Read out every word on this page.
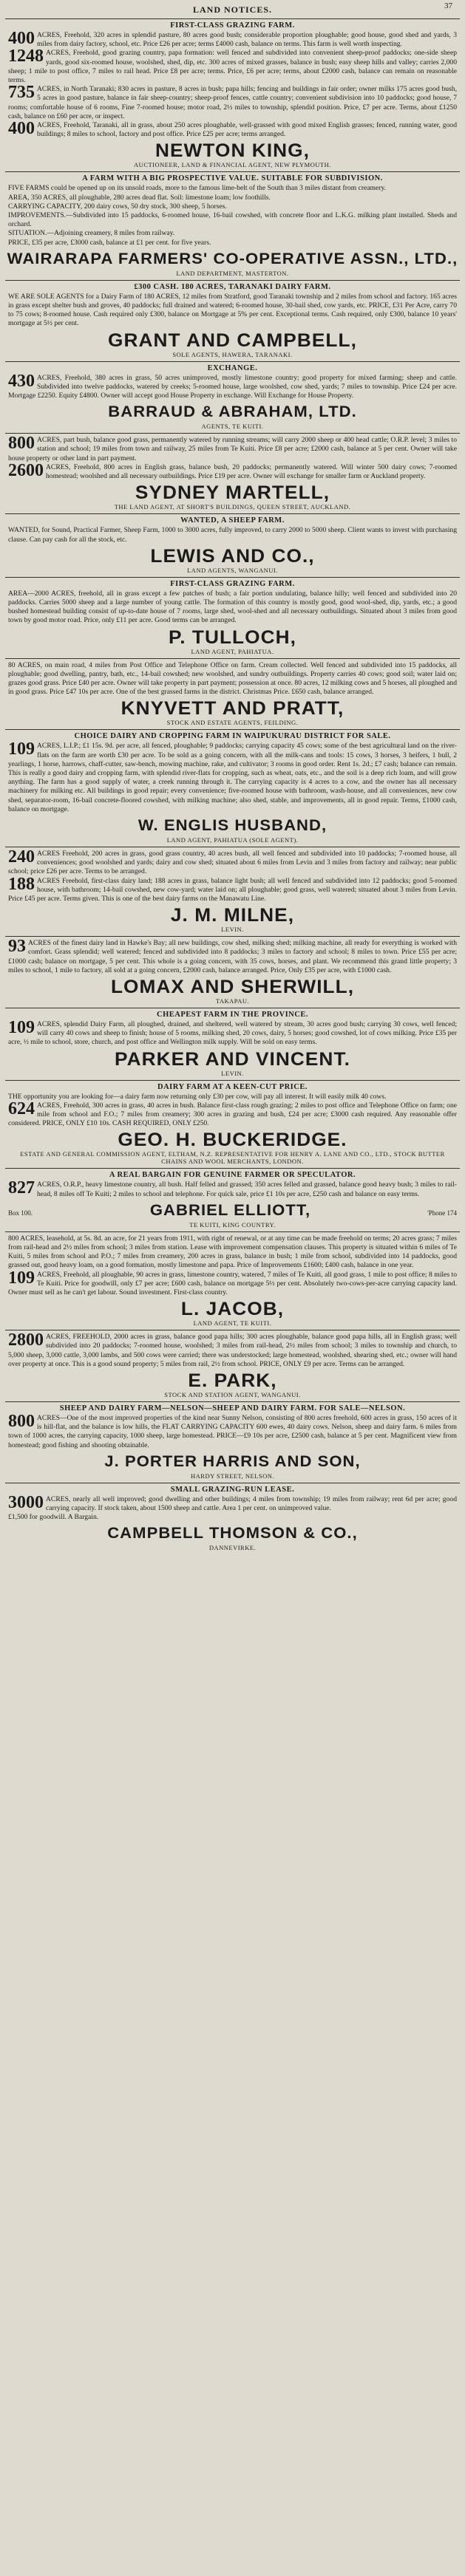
37
LAND NOTICES.
FIRST-CLASS GRAZING FARM.

400 ACRES, Freehold, 320 acres in splendid pasture, 80 acres good bush; considerable proportion ploughable; good house, good shed and yards, 3 miles from dairy factory, school, etc. Price £26 per acre; terms £4000 cash, balance on terms. This farm is well worth inspecting.

1248 ACRES, Freehold, good grazing country, papa formation: well fenced and subdivided into convenient sheep-proof paddocks; one-side sheep yards, good six-roomed house, woolshed, shed, dip, etc. 300 acres of mixed grasses, balance in bush; easy sheep hills and valley; carries 2,000 sheep; 1 mile to post office, 7 miles to rail head. Price £8 per acre; terms. Price, £6 per acre; terms, about £2000 cash, balance can remain on reasonable terms.

735 ACRES, in North Taranaki; 830 acres in pasture, 8 acres in bush; papa hills; fencing and buildings in fair order; owner milks 175 acres good bush, 5 acres in good pasture, balance in fair sheep-country; sheep-proof fences, cattle country; convenient subdivision into 10 paddocks; good house, 7 rooms; comfortable house of 6 rooms, Fine 7-roomed house; motor road, 2½ miles to township, splendid position. Price, £7 per acre. Terms, about £1250 cash, balance on £60 per acre, or inspect.

400 ACRES, Freehold, Taranaki, all in grass, about 250 acres ploughable, well-grassed with good mixed English grasses; fenced, running water, good buildings; 8 miles to school, factory and post office. Price £25 per acre; terms arranged.

NEWTON KING,
AUCTIONEER, LAND & FINANCIAL AGENT, NEW PLYMOUTH.
A FARM WITH A BIG PROSPECTIVE VALUE. SUITABLE FOR SUBDIVISION.

FIVE FARMS could be opened up on its unsold roads, more to the famous lime-belt of the South than 3 miles distant from creamery.

AREA, 350 ACRES, all ploughable, 280 acres dead flat. Soil: limestone loam; low foothills.

CARRYING CAPACITY, 200 dairy cows, 50 dry stock, 300 sheep, 5 horses.

IMPROVEMENTS.—Subdivided into 15 paddocks, 6-roomed house, 16-bail cowshed, with concrete floor and L.K.G. milking plant installed. Sheds and orchard.

SITUATION.—Adjoining creamery, 8 miles from railway.

PRICE, £35 per acre, £3000 cash, balance at £1 per cent. for five years.

WAIRARAPA FARMERS' CO-OPERATIVE ASSN., LTD.,
LAND DEPARTMENT, MASTERTON.
£300 CASH. 180 ACRES, TARANAKI DAIRY FARM.

WE ARE SOLE AGENTS for a Dairy Farm of 180 ACRES, 12 miles from Stratford, good Taranaki township and 2 miles from school and factory. 165 acres in grass except shelter bush and groves, 40 paddocks; full drained and watered; 6-roomed house, 30-bail shed, cow yards, etc. PRICE, £31 Per Acre, carry 70 to 75 cows; 8-roomed house. Cash required only £300, balance on Mortgage at 5% per cent. Exceptional terms. Cash required, only £300, balance 10 years' mortgage at 5½ per cent.

GRANT AND CAMPBELL,
SOLE AGENTS, HAWERA, TARANAKI.
EXCHANGE.

430 ACRES, Freehold, 380 acres in grass, 50 acres unimproved, mostly limestone country; good property for mixed farming; sheep and cattle. Subdivided into twelve paddocks, watered by creeks; 5-roomed house, large woolshed, cow shed, yards; 7 miles to township. Price £24 per acre. Mortgage £2250. Equity £4800. Owner will accept good House Property in exchange. Will Exchange for House Property.

BARRAUD & ABRAHAM, LTD.
AGENTS, TE KUITI.

800 ACRES, part bush, balance good grass, permanently watered by running streams; will carry 2000 sheep or 400 head cattle; O.R.P. level; 3 miles to station and school; 19 miles from town and railway, 25 miles from Te Kuiti. Price £8 per acre; £2000 cash, balance at 5 per cent. Owner will take house property or other land in part payment.

2600 ACRES, Freehold, 800 acres in English grass, balance bush, 20 paddocks; permanently watered. Will winter 500 dairy cows; 7-roomed homestead; woolshed and all necessary outbuildings. Price £19 per acre. Owner will exchange for smaller farm or Auckland property.

SYDNEY MARTELL,
THE LAND AGENT, AT SHORT'S BUILDINGS, QUEEN STREET, AUCKLAND.
WANTED, A SHEEP FARM.

WANTED, for Sound, Practical Farmer, Sheep Farm, 1000 to 3000 acres, fully improved, to carry 2000 to 5000 sheep. Client wants to invest with purchasing clause. Can pay cash for all the stock, etc.

LEWIS AND CO.,
LAND AGENTS, WANGANUI.
FIRST-CLASS GRAZING FARM.

AREA—2000 ACRES, freehold, all in grass except a few patches of bush; a fair portion undulating, balance hilly; well fenced and subdivided into 20 paddocks. Carries 5000 sheep and a large number of young cattle. The formation of this country is mostly good, good wool-shed, dip, yards, etc.; a good bushed homestead building consist of up-to-date house of 7 rooms, large shed, wool-shed and all necessary outbuildings. Situated about 3 miles from good town by good motor road. Price, only £11 per acre. Good terms can be arranged.

P. TULLOCH,
LAND AGENT, PAHIATUA.

80 ACRES, on main road, 4 miles from Post Office and Telephone Office on farm. Cream collected. Well fenced and subdivided into 15 paddocks, all ploughable; good dwelling, pantry, bath, etc., 14-bail cowshed; new woolshed, and sundry outbuildings. Property carries 40 cows; good soil; water laid on; grazes good grass. Price £40 per acre. Owner will take property in part payment; possession at once. 80 acres, 12 milking cows and 5 horses, all ploughed and in good grass. Price £47 10s per acre. One of the best grassed farms in the district. Christmas Price. £650 cash, balance arranged.

KNYVETT AND PRATT,
STOCK AND ESTATE AGENTS, FEILDING.
CHOICE DAIRY AND CROPPING FARM IN WAIPUKURAU DISTRICT FOR SALE.

109 ACRES, L.I.P.; £1 15s. 9d. per acre, all fenced, ploughable; 9 paddocks; carrying capacity 45 cows; some of the best agricultural land on the river-flats on the farm are worth £30 per acre. To be sold as a going concern, with all the milk-cans and tools: 15 cows, 3 horses, 3 heifers, 1 bull, 2 yearlings, 1 horse, harrows, chaff-cutter, saw-bench, mowing machine, rake, and cultivator; 3 rooms in good order. Rent 1s. 2d.; £7 cash; balance can remain. This is really a good dairy and cropping farm, with splendid river-flats for cropping, such as wheat, oats, etc., and the soil is a deep rich loam, and will grow anything. The farm has a good supply of water, a creek running through it. The carrying capacity is 4 acres to a cow, and the owner has all necessary machinery for milking etc. All buildings in good repair; every convenience; five-roomed house with bathroom, wash-house, and all conveniences, new cow shed, separator-room, 16-bail concrete-floored cowshed, with milking machine; also shed, stable, and improvements, all in good repair. Terms, £1000 cash, balance on mortgage.

W. ENGLIS HUSBAND,
LAND AGENT, PAHIATUA (SOLE AGENT).

240 ACRES Freehold, 200 acres in grass, good grass country, 40 acres bush, all well fenced and subdivided into 10 paddocks; 7-roomed house, all conveniences; good woolshed and yards; dairy and cow shed; situated about 6 miles from Levin and 3 miles from factory and railway; near public school; price £26 per acre. Terms to be arranged.

188 ACRES Freehold, first-class dairy land; 188 acres in grass, balance light bush; all well fenced and subdivided into 12 paddocks; good 5-roomed house, with bathroom; 14-bail cowshed, new cow-yard; water laid on; all ploughable; good grass, well watered; situated about 3 miles from Levin. Price £45 per acre. Terms given. This is one of the best dairy farms on the Manawatu Line.

J. M. MILNE,
LEVIN.

93 ACRES of the finest dairy land in Hawke's Bay; all new buildings, cow shed, milking shed; milking machine, all ready for everything is worked with comfort. Grass splendid; well watered; fenced and subdivided into 8 paddocks; 3 miles to factory and school; 8 miles to town. Price £55 per acre; £1000 cash; balance on mortgage, 5 per cent. This whole is a going concern, with 35 cows, horses, and plant. We recommend this grand little property; 3 miles to school, 1 mile to factory, all sold at a going concern, £2000 cash, balance arranged. Price, Only £35 per acre, with £1000 cash.

LOMAX AND SHERWILL,
TAKAPAU.
CHEAPEST FARM IN THE PROVINCE.

109 ACRES, splendid Dairy Farm, all ploughed, drained, and sheltered, well watered by stream, 30 acres good bush; carrying 30 cows, well fenced; will carry 40 cows and sheep to finish; house of 5 rooms, milking shed, 20 cows, dairy, 5 horses; good cowshed, lot of cows milking. Price £35 per acre, ½ mile to school, store, church, and post office and Wellington milk supply. Will be sold on easy terms.

PARKER AND VINCENT.
LEVIN.
DAIRY FARM AT A KEEN-CUT PRICE.

THE opportunity you are looking for—a dairy farm now returning only £30 per cow, will pay all interest. It will easily milk 40 cows.

624 ACRES, Freehold, 300 acres in grass, 40 acres in bush. Balance first-class rough grazing; 2 miles to post office and Telephone Office on farm; one mile from school and F.O.; 7 miles from creamery; 300 acres in grazing and bush, £24 per acre; £3000 cash required. Any reasonable offer considered. PRICE, ONLY £10 10s. CASH REQUIRED, ONLY £250.

GEO. H. BUCKERIDGE.
ESTATE AND GENERAL COMMISSION AGENT, ELTHAM, N.Z. REPRESENTATIVE FOR HENRY A. LANE AND CO., LTD., STOCK BUTTER CHAINS AND WOOL MERCHANTS, LONDON.
A REAL BARGAIN FOR GENUINE FARMER OR SPECULATOR.

827 ACRES, O.R.P., heavy limestone country, all bush. Half felled and grassed; 350 acres felled and grassed, balance good heavy bush; 3 miles to rail-head, 8 miles off Te Kuiti; 2 miles to school and telephone. For quick sale, price £1 10s per acre, £250 cash and balance on easy terms.

Box 100.	GABRIEL ELLIOTT,	'Phone 174
TE KUITI, KING COUNTRY.

800 ACRES, leasehold, at 5s. 8d. an acre, for 21 years from 1911, with right of renewal, or at any time can be made freehold on terms; 20 acres grass; 7 miles from rail-head and 2½ miles from school; 3 miles from station. Lease with improvement compensation clauses. This property is situated within 6 miles of Te Kuiti, 5 miles from school and P.O.; 7 miles from creamery, 200 acres in grass, balance in bush; 1 mile from school, subdivided into 14 paddocks, good grassed out, good heavy loam, on a good formation, mostly limestone and papa. Price of Improvements £1600; £400 cash, balance in one year.

109 ACRES, Freehold, all ploughable, 90 acres in grass, limestone country, watered, 7 miles of Te Kuiti, all good grass, 1 mile to post office; 8 miles to Te Kuiti. Price for goodwill, only £7 per acre; £600 cash, balance on mortgage 5½ per cent. Absolutely two-cows-per-acre carrying capacity land. Owner must sell as he can't get labour. Sound investment. First-class country.

L. JACOB,
LAND AGENT, TE KUITI.

2800 ACRES, FREEHOLD, 2000 acres in grass, balance good papa hills; 300 acres ploughable, balance good papa hills, all in English grass; well subdivided into 20 paddocks; 7-roomed house, woolshed; 3 miles from rail-head, 2½ miles from school; 3 miles to township and church, to 5,000 sheep, 3,000 cattle, 3,000 lambs, and 500 cows were carried; there was understocked; large homestead, woolshed, shearing shed, etc.; owner will hand over property at once. This is a good sound property; 5 miles from rail, 2½ from school. PRICE, ONLY £9 per acre. Terms can be arranged.

E. PARK,
STOCK AND STATION AGENT, WANGANUI.
SHEEP AND DAIRY FARM—NELSON—SHEEP AND DAIRY FARM. FOR SALE—NELSON.

800 ACRES—One of the most improved properties of the kind near Sunny Nelson, consisting of 800 acres freehold, 600 acres in grass, 150 acres of it is hill-flat, and the balance is low hills, the FLAT CARRYING CAPACITY 600 ewes, 40 dairy cows. Nelson, sheep and dairy farm. 6 miles from town of 1000 acres, the carrying capacity, 1000 sheep, large homestead. PRICE—£9 10s per acre, £2500 cash, balance at 5 per cent. Magnificent view from homestead; good fishing and shooting obtainable.

J. PORTER HARRIS AND SON,
HARDY STREET, NELSON.
SMALL GRAZING-RUN LEASE.

3000 ACRES, nearly all well improved; good dwelling and other buildings; 4 miles from township; 19 miles from railway; rent 6d per acre; good carrying capacity. If stock taken, about 1500 sheep and cattle. Area 1 per cent. on unimproved value.

£1,500 for goodwill. A Bargain.

CAMPBELL THOMSON & CO.,
DANNEVIRKE.
